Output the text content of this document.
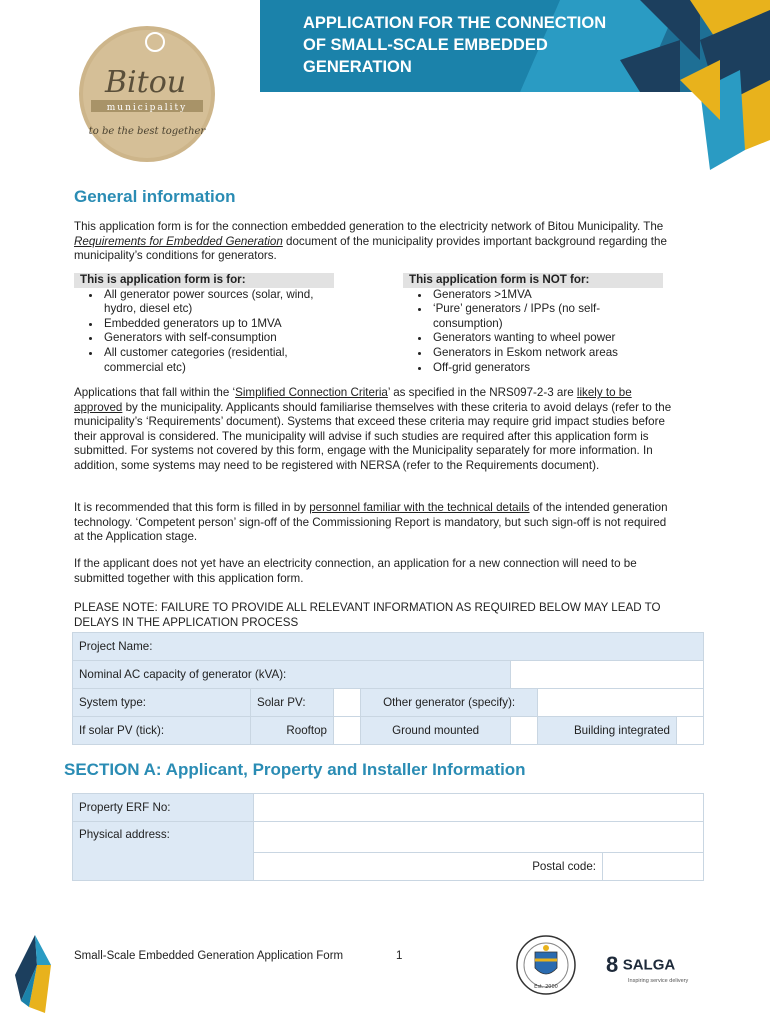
Bitou
municipality
to be the best together
APPLICATION FOR THE CONNECTION OF SMALL-SCALE EMBEDDED GENERATION
General information

This application form is for the connection embedded generation to the electricity network of Bitou Municipality. The Requirements for Embedded Generation document of the municipality provides important background regarding the municipality’s conditions for generators.

This is application form is for:
• All generator power sources (solar, wind, hydro, diesel etc)
• Embedded generators up to 1MVA
• Generators with self-consumption
• All customer categories (residential, commercial etc)
This application form is NOT for:
• Generators >1MVA
• ‘Pure’ generators / IPPs (no self-consumption)
• Generators wanting to wheel power
• Generators in Eskom network areas
• Off-grid generators

Applications that fall within the ‘Simplified Connection Criteria’ as specified in the NRS097-2-3 are likely to be approved by the municipality. Applicants should familiarise themselves with these criteria to avoid delays (refer to the municipality’s ‘Requirements’ document). Systems that exceed these criteria may require grid impact studies before their approval is considered. The municipality will advise if such studies are required after this application form is submitted. For systems not covered by this form, engage with the Municipality separately for more information. In addition, some systems may need to be registered with NERSA (refer to the Requirements document).

It is recommended that this form is filled in by personnel familiar with the technical details of the intended generation technology. ‘Competent person’ sign-off of the Commissioning Report is mandatory, but such sign-off is not required at the Application stage.

If the applicant does not yet have an electricity connection, an application for a new connection will need to be submitted together with this application form.

PLEASE NOTE: FAILURE TO PROVIDE ALL RELEVANT INFORMATION AS REQUIRED BELOW MAY LEAD TO DELAYS IN THE APPLICATION PROCESS

Project Name:						
Nominal AC capacity of generator (kVA):						
System type:	Solar PV:		Other generator (specify):			
If solar PV (tick):	Rooftop		Ground mounted		Building integrated	
SECTION A: Applicant, Property and Installer Information
Property ERF No:		
Physical address:		
	Postal code:	
Small-Scale Embedded Generation Application Form	1
Est. 2000
8 SALGA
Inspiring service delivery
